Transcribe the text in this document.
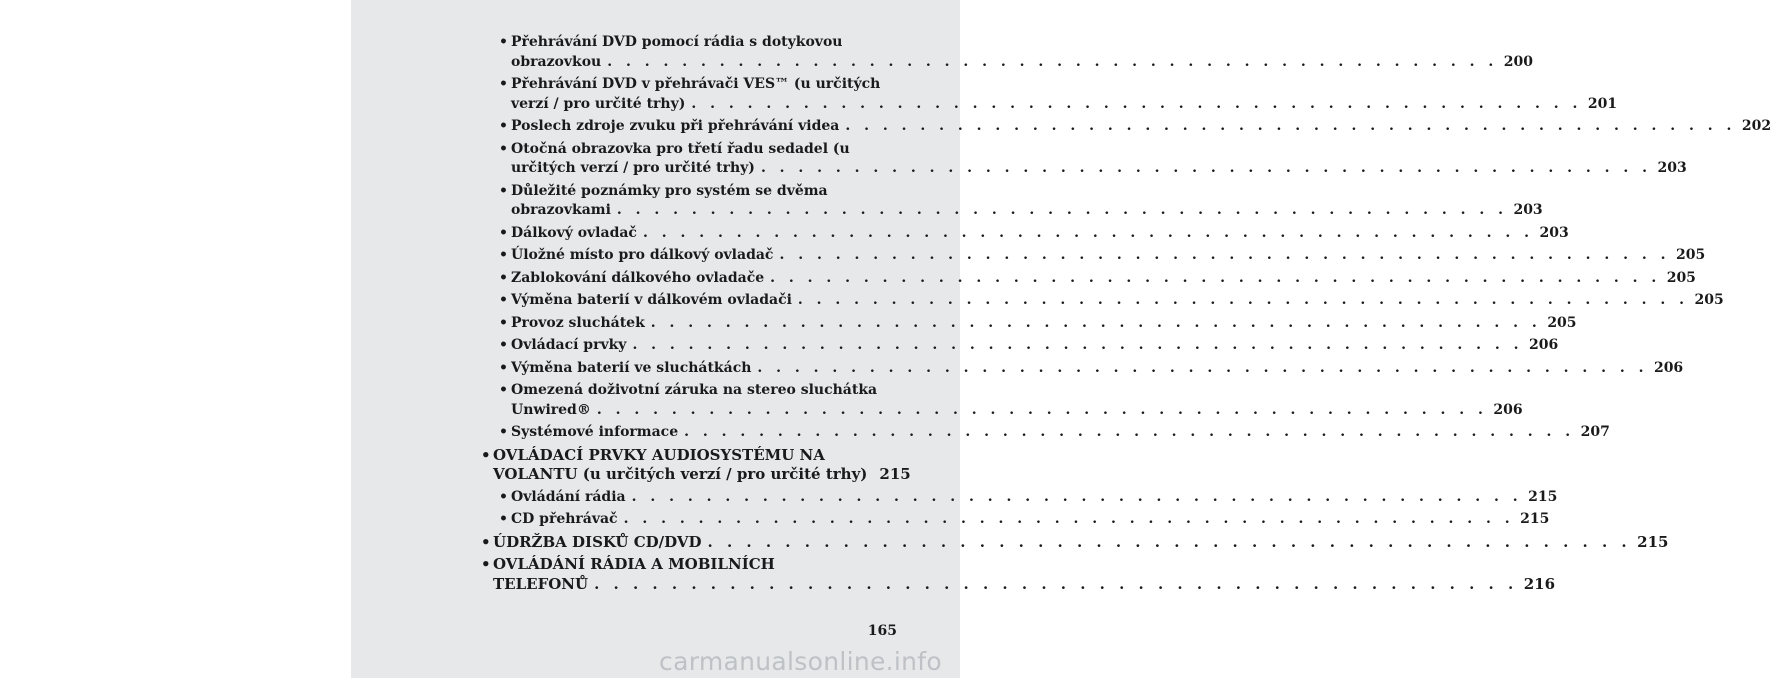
• Přehrávání DVD pomocí rádia s dotykovou
obrazovkou . . . . . . . . . . . . . . . . . . . . . . . . . . . . . . . . . . . . . . . . . . . . . . . . 200
• Přehrávání DVD v přehrávači VES™ (u určitých
verzí / pro určité trhy) . . . . . . . . . . . . . . . . . . . . . . . . . . . . . . . . . . . . . . . . . . . . . . . . 201
• Poslech zdroje zvuku při přehrávání videa . . . . . . . . . . . . . . . . . . . . . . . . . . . . . . . . . . . . . . . . . . . . . . . . 202
• Otočná obrazovka pro třetí řadu sedadel (u
určitých verzí / pro určité trhy) . . . . . . . . . . . . . . . . . . . . . . . . . . . . . . . . . . . . . . . . . . . . . . . . 203
• Důležité poznámky pro systém se dvěma
obrazovkami . . . . . . . . . . . . . . . . . . . . . . . . . . . . . . . . . . . . . . . . . . . . . . . . 203
• Dálkový ovladač . . . . . . . . . . . . . . . . . . . . . . . . . . . . . . . . . . . . . . . . . . . . . . . . 203
• Úložné místo pro dálkový ovladač . . . . . . . . . . . . . . . . . . . . . . . . . . . . . . . . . . . . . . . . . . . . . . . . 205
• Zablokování dálkového ovladače . . . . . . . . . . . . . . . . . . . . . . . . . . . . . . . . . . . . . . . . . . . . . . . . 205
• Výměna baterií v dálkovém ovladači . . . . . . . . . . . . . . . . . . . . . . . . . . . . . . . . . . . . . . . . . . . . . . . . 205
• Provoz sluchátek . . . . . . . . . . . . . . . . . . . . . . . . . . . . . . . . . . . . . . . . . . . . . . . . 205
• Ovládací prvky . . . . . . . . . . . . . . . . . . . . . . . . . . . . . . . . . . . . . . . . . . . . . . . . 206
• Výměna baterií ve sluchátkách . . . . . . . . . . . . . . . . . . . . . . . . . . . . . . . . . . . . . . . . . . . . . . . . 206
• Omezená doživotní záruka na stereo sluchátka
Unwired® . . . . . . . . . . . . . . . . . . . . . . . . . . . . . . . . . . . . . . . . . . . . . . . . 206
• Systémové informace . . . . . . . . . . . . . . . . . . . . . . . . . . . . . . . . . . . . . . . . . . . . . . . . 207
• OVLÁDACÍ PRVKY AUDIOSYSTÉMU NA
VOLANTU (u určitých verzí / pro určité trhy) 215
• Ovládání rádia . . . . . . . . . . . . . . . . . . . . . . . . . . . . . . . . . . . . . . . . . . . . . . . . 215
• CD přehrávač . . . . . . . . . . . . . . . . . . . . . . . . . . . . . . . . . . . . . . . . . . . . . . . . 215
• ÚDRŽBA DISKŮ CD/DVD . . . . . . . . . . . . . . . . . . . . . . . . . . . . . . . . . . . . . . . . . . . . . . . . 215
• OVLÁDÁNÍ RÁDIA A MOBILNÍCH
TELEFONŮ . . . . . . . . . . . . . . . . . . . . . . . . . . . . . . . . . . . . . . . . . . . . . . . . 216
165
carmanualsonline.info
